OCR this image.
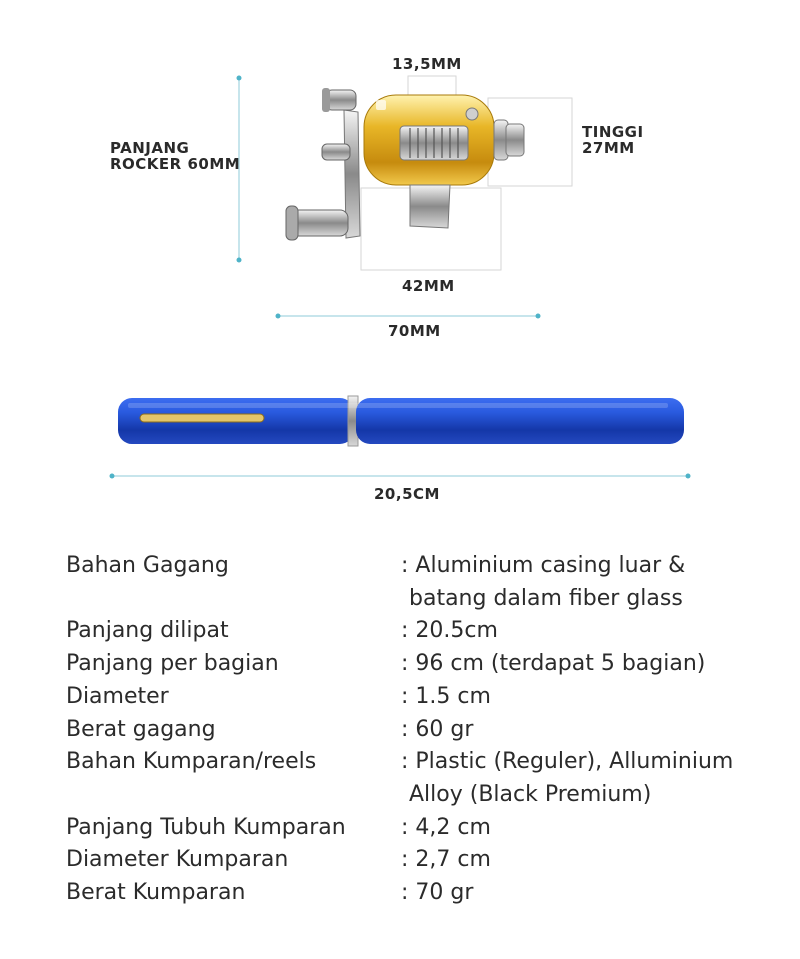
13,5MM
PANJANG
ROCKER 60MM
TINGGI
27MM
42MM
70MM
20,5CM
Bahan Gagang	: Aluminium casing luar &
batang dalam fiber glass
Panjang dilipat	: 20.5cm
Panjang per bagian	: 96 cm (terdapat 5 bagian)
Diameter	: 1.5 cm
Berat gagang	: 60 gr
Bahan Kumparan/reels	: Plastic (Reguler), Alluminium
Alloy (Black Premium)
Panjang Tubuh Kumparan	: 4,2 cm
Diameter Kumparan	: 2,7 cm
Berat Kumparan	: 70 gr
